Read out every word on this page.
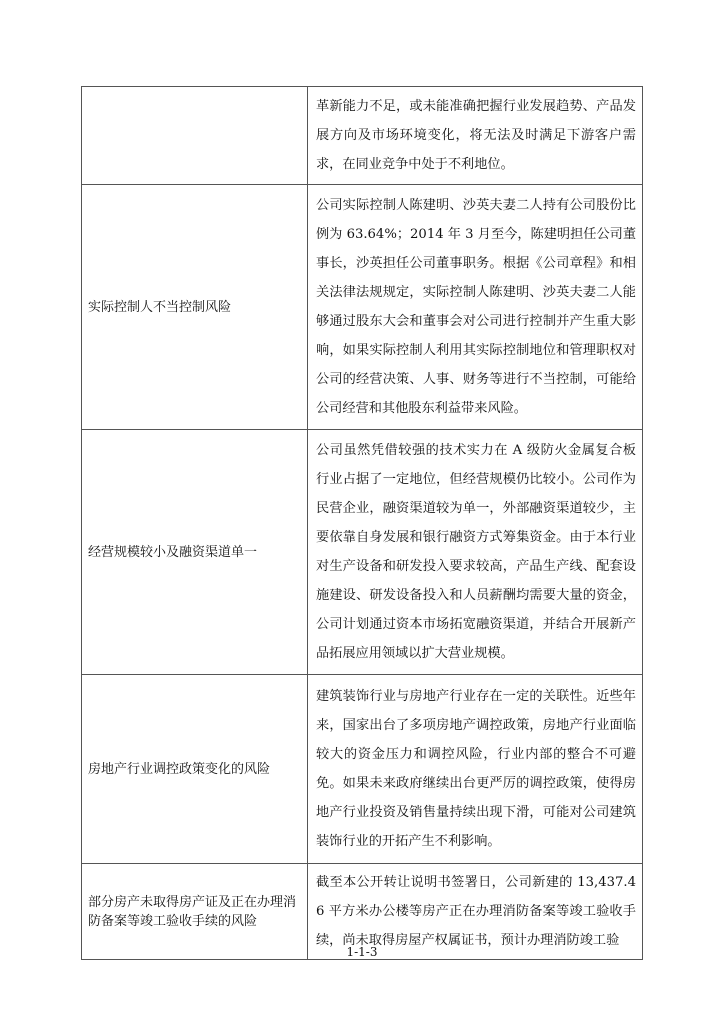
	革新能力不足，或未能准确把握行业发展趋势、产品发展方向及市场环境变化，将无法及时满足下游客户需求，在同业竞争中处于不利地位。
实际控制人不当控制风险	公司实际控制人陈建明、沙英夫妻二人持有公司股份比例为 63.64%；2014 年 3 月至今，陈建明担任公司董事长，沙英担任公司董事职务。根据《公司章程》和相关法律法规规定，实际控制人陈建明、沙英夫妻二人能够通过股东大会和董事会对公司进行控制并产生重大影响，如果实际控制人利用其实际控制地位和管理职权对公司的经营决策、人事、财务等进行不当控制，可能给公司经营和其他股东利益带来风险。
经营规模较小及融资渠道单一	公司虽然凭借较强的技术实力在 A 级防火金属复合板行业占据了一定地位，但经营规模仍比较小。公司作为民营企业，融资渠道较为单一，外部融资渠道较少，主要依靠自身发展和银行融资方式筹集资金。由于本行业对生产设备和研发投入要求较高，产品生产线、配套设施建设、研发设备投入和人员薪酬均需要大量的资金，公司计划通过资本市场拓宽融资渠道，并结合开展新产品拓展应用领域以扩大营业规模。
房地产行业调控政策变化的风险	建筑装饰行业与房地产行业存在一定的关联性。近些年来，国家出台了多项房地产调控政策，房地产行业面临较大的资金压力和调控风险，行业内部的整合不可避免。如果未来政府继续出台更严厉的调控政策，使得房地产行业投资及销售量持续出现下滑，可能对公司建筑装饰行业的开拓产生不利影响。
部分房产未取得房产证及正在办理消防备案等竣工验收手续的风险	截至本公开转让说明书签署日，公司新建的 13,437.46 平方米办公楼等房产正在办理消防备案等竣工验收手续，尚未取得房屋产权属证书，预计办理消防竣工验
1-1-3
